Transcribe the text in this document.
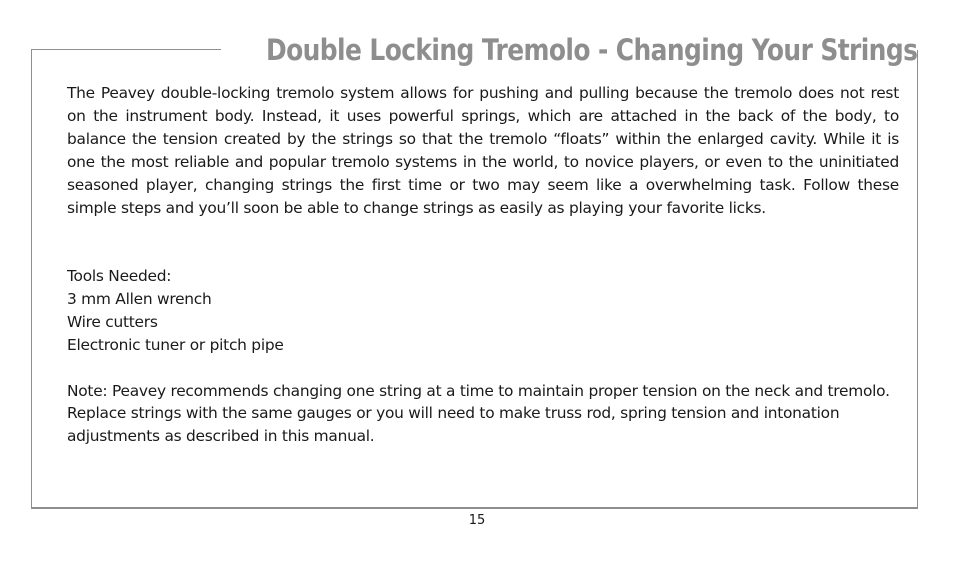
Double Locking Tremolo - Changing Your Strings

The Peavey double-locking tremolo system allows for pushing and pulling because the tremolo does not rest on the instrument body. Instead, it uses powerful springs, which are attached in the back of the body, to balance the tension created by the strings so that the tremolo “floats” within the enlarged cavity. While it is one the most reliable and popular tremolo systems in the world, to novice players, or even to the uninitiated seasoned player, changing strings the first time or two may seem like a overwhelming task. Follow these simple steps and you’ll soon be able to change strings as easily as playing your favorite licks.

Tools Needed:
3 mm Allen wrench
Wire cutters
Electronic tuner or pitch pipe

Note: Peavey recommends changing one string at a time to maintain proper tension on the neck and tremolo. Replace strings with the same gauges or you will need to make truss rod, spring tension and intonation adjustments as described in this manual.

15
